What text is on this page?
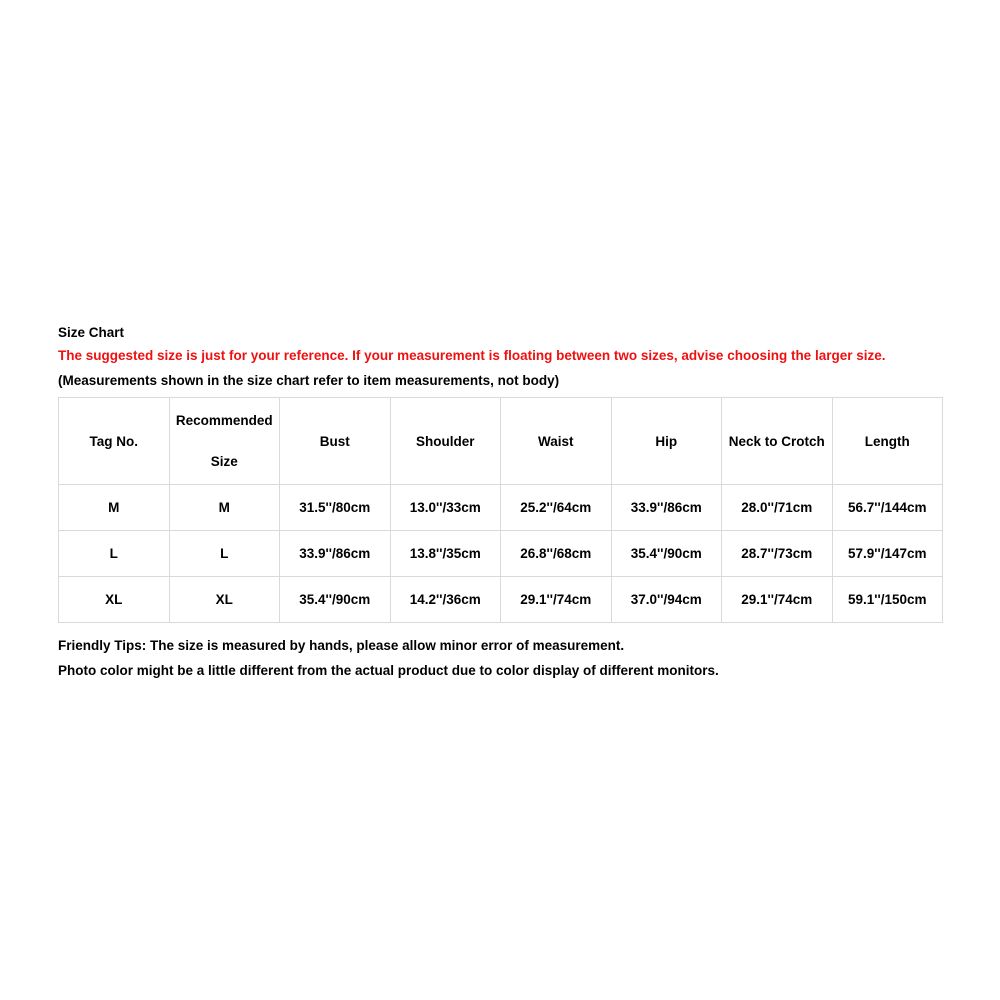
Size Chart
The suggested size is just for your reference. If your measurement is floating between two sizes, advise choosing the larger size.
(Measurements shown in the size chart refer to item measurements, not body)
Tag No.	Recommended Size	Bust	Shoulder	Waist	Hip	Neck to Crotch	Length
M	M	31.5''/80cm	13.0''/33cm	25.2''/64cm	33.9''/86cm	28.0''/71cm	56.7''/144cm
L	L	33.9''/86cm	13.8''/35cm	26.8''/68cm	35.4''/90cm	28.7''/73cm	57.9''/147cm
XL	XL	35.4''/90cm	14.2''/36cm	29.1''/74cm	37.0''/94cm	29.1''/74cm	59.1''/150cm
Friendly Tips: The size is measured by hands, please allow minor error of measurement.
Photo color might be a little different from the actual product due to color display of different monitors.
